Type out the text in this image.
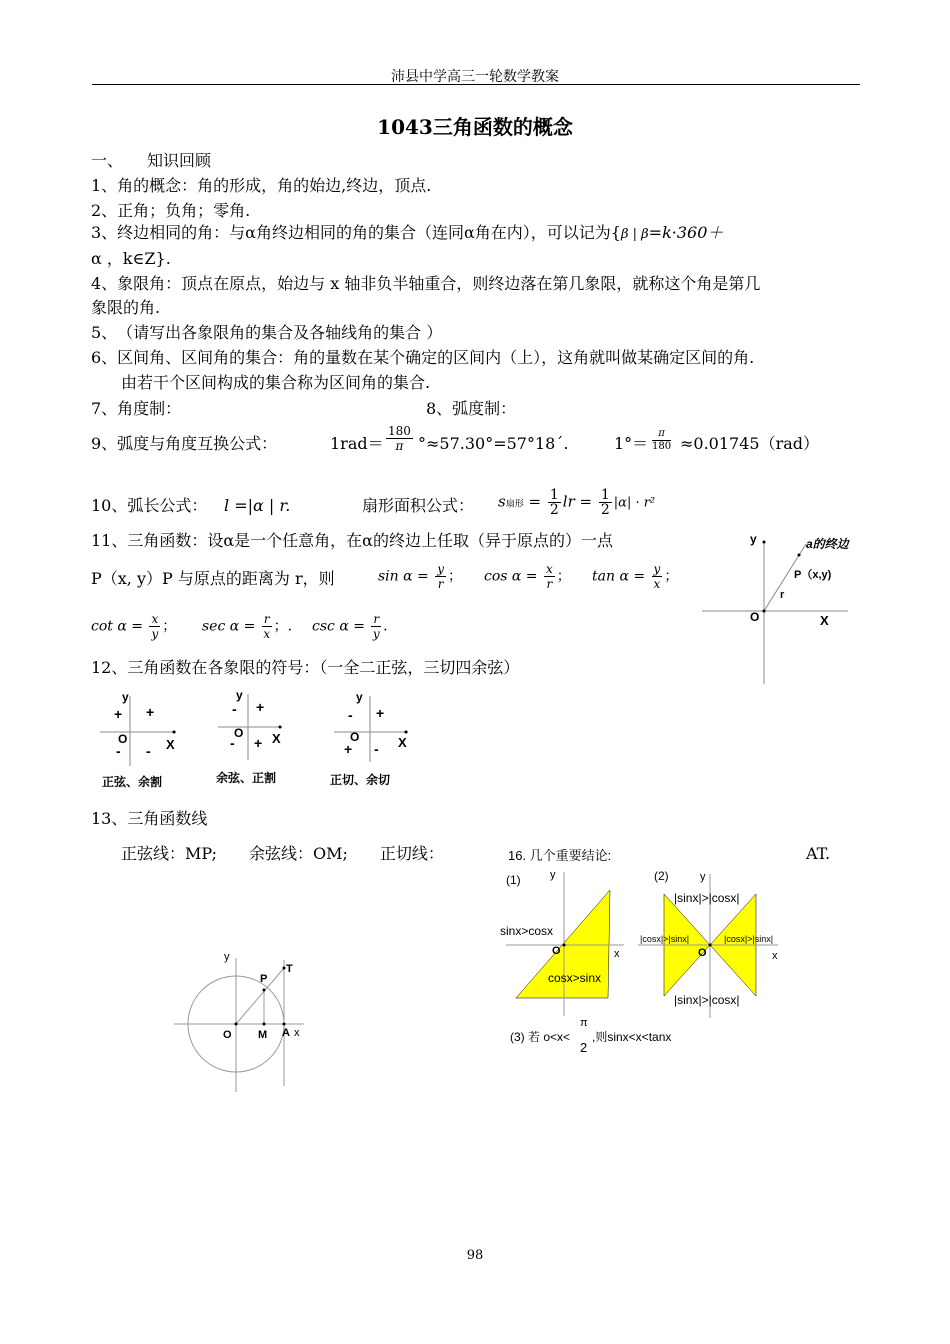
沛县中学高三一轮数学教案
1043三角函数的概念
一、　　知识回顾
1、角的概念：角的形成，角的始边,终边，顶点.
2、正角；负角；零角.
3、终边相同的角：与α角终边相同的角的集合（连同α角在内），可以记为{β | β=k·360＋
α ，k∈Z}.
4、象限角：顶点在原点，始边与 x 轴非负半轴重合，则终边落在第几象限，就称这个角是第几
象限的角.
5、　（请写出各象限角的集合及各轴线角的集合 ）
6、区间角、区间角的集合：角的量数在某个确定的区间内（上），这角就叫做某确定区间的角.
由若干个区间构成的集合称为区间角的集合.
7、角度制：	8、弧度制：
9、弧度与角度互换公式：	$1rad= \frac{180}{\pi}$ °≈57.30°=57°18ˊ.	$1^\circ= \frac{\pi}{180} \approx 0.01745(rad)$
10、弧长公式： l =|α | r.	扇形面积公式： s扇形 = $\frac{1}{2}$ lr = $\frac{1}{2} |\alpha| \cdot r^2$
11、三角函数：设α是一个任意角，在α的终边上任取（异于原点的）一点
P（x, y）P 与原点的距离为 r，则	$\sin \alpha = \frac{y}{r}$ ； $\cos \alpha = \frac{x}{r}$ ； $\tan \alpha = \frac{y}{x}$ ；
$\cot \alpha = \frac{x}{y}$ ； $\sec \alpha = \frac{r}{x}$ ；. $\csc \alpha = \frac{r}{y}$ .
y	a的终边
P（x,y)
r
O	X
12、三角函数在各象限的符号：（一全二正弦，三切四余弦）
y
+
+
- -
O	X
正弦、余割
y
+
-
- +
O X
余弦、正割
y
+
-
+ -
O	X
正切、余切
13、三角函数线
正弦线：MP;　　余弦线：OM;　　正切线：	AT.
y
P
T
O M A x
16. 几个重要结论:
(1)	(2)
y
O	x
sinx>cosx
cosx>sinx
y
O	x
|sinx|>|cosx|
|sinx|>|cosx|
|cosx|>|sinx|	|cosx|>|sinx|
(3) 若 o<x<
π
2
,则sinx<x<tanx
98
